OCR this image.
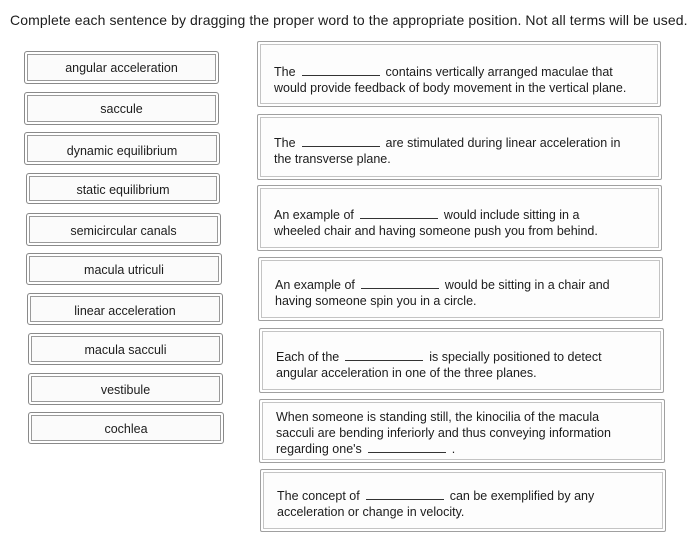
Complete each sentence by dragging the proper word to the appropriate position. Not all terms will be used.
angular acceleration
saccule
dynamic equilibrium
static equilibrium
semicircular canals
macula utriculi
linear acceleration
macula sacculi
vestibule
cochlea
The	contains vertically arranged maculae that
would provide feedback of body movement in the vertical plane.
The	are stimulated during linear acceleration in
the transverse plane.
An example of	would include sitting in a
wheeled chair and having someone push you from behind.
An example of	would be sitting in a chair and
having someone spin you in a circle.
Each of the	is specially positioned to detect
angular acceleration in one of the three planes.
When someone is standing still, the kinocilia of the macula
sacculi are bending inferiorly and thus conveying information
regarding one's	.
The concept of	can be exemplified by any
acceleration or change in velocity.
